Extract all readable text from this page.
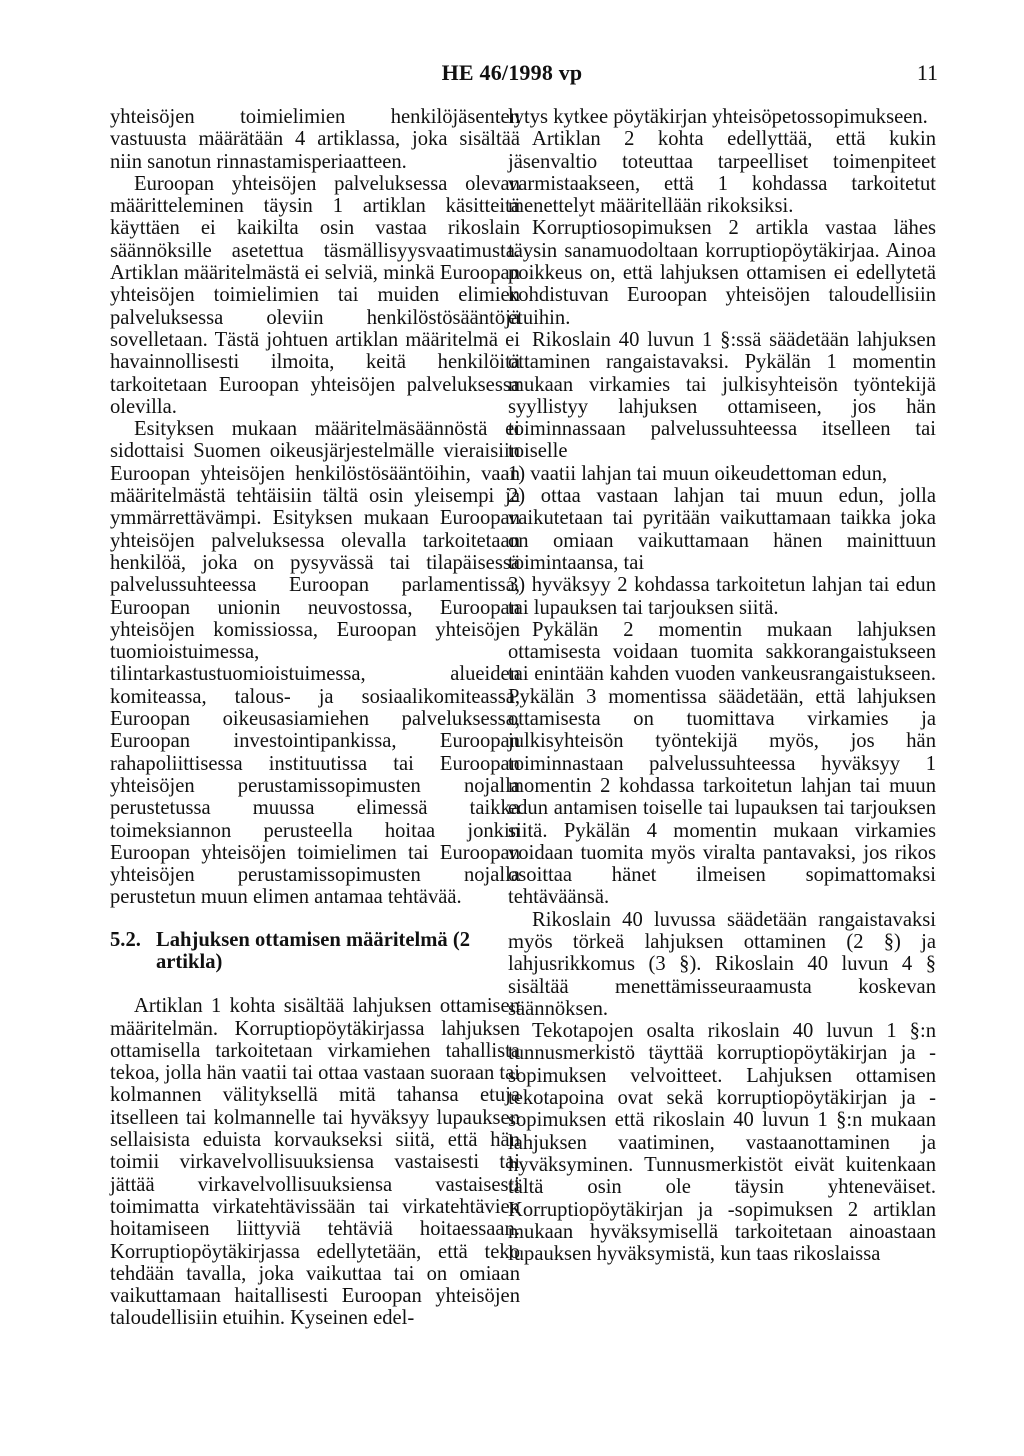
HE 46/1998 vp	11

yhteisöjen toimielimien henkilöjäsenten vastuusta määrätään 4 artiklassa, joka sisältää niin sanotun rinnastamisperiaatteen.

Euroopan yhteisöjen palveluksessa olevan määritteleminen täysin 1 artiklan käsitteitä käyttäen ei kaikilta osin vastaa rikoslain säännöksille asetettua täsmällisyysvaatimusta. Artiklan määritelmästä ei selviä, minkä Euroopan yhteisöjen toimielimien tai muiden elimien palveluksessa oleviin henkilöstösääntöjä sovelletaan. Tästä johtuen artiklan määritelmä ei havainnollisesti ilmoita, keitä henkilöitä tarkoitetaan Euroopan yhteisöjen palveluksessa olevilla.

Esityksen mukaan määritelmäsäännöstä ei sidottaisi Suomen oikeusjärjestelmälle vieraisiin Euroopan yhteisöjen henkilöstösääntöihin, vaan määritelmästä tehtäisiin tältä osin yleisempi ja ymmärrettävämpi. Esityksen mukaan Euroopan yhteisöjen palveluksessa olevalla tarkoitetaan henkilöä, joka on pysyvässä tai tilapäisessä palvelussuhteessa Euroopan parlamentissa, Euroopan unionin neuvostossa, Euroopan yhteisöjen komissiossa, Euroopan yhteisöjen tuomioistuimessa, tilintarkastustuomioistuimessa, alueiden komiteassa, talous- ja sosiaalikomiteassa, Euroopan oikeusasiamiehen palveluksessa, Euroopan investointipankissa, Euroopan rahapoliittisessa instituutissa tai Euroopan yhteisöjen perustamissopimusten nojalla perustetussa muussa elimessä taikka toimeksiannon perusteella hoitaa jonkin Euroopan yhteisöjen toimielimen tai Euroopan yhteisöjen perustamissopimusten nojalla perustetun muun elimen antamaa tehtävää.

5.2. Lahjuksen ottamisen määritelmä (2 artikla)

Artiklan 1 kohta sisältää lahjuksen ottamisen määritelmän. Korruptiopöytäkirjassa lahjuksen ottamisella tarkoitetaan virkamiehen tahallista tekoa, jolla hän vaatii tai ottaa vastaan suoraan tai kolmannen välityksellä mitä tahansa etuja itselleen tai kolmannelle tai hyväksyy lupauksen sellaisista eduista korvaukseksi siitä, että hän toimii virkavelvollisuuksiensa vastaisesti tai jättää virkavelvollisuuksiensa vastaisesti toimimatta virkatehtävissään tai virkatehtävien hoitamiseen liittyviä tehtäviä hoitaessaan. Korruptiopöytäkirjassa edellytetään, että teko tehdään tavalla, joka vaikuttaa tai on omiaan vaikuttamaan haitallisesti Euroopan yhteisöjen taloudellisiin etuihin. Kyseinen edel-

lytys kytkee pöytäkirjan yhteisöpetossopimukseen.

Artiklan 2 kohta edellyttää, että kukin jäsenvaltio toteuttaa tarpeelliset toimenpiteet varmistaakseen, että 1 kohdassa tarkoitetut menettelyt määritellään rikoksiksi.

Korruptiosopimuksen 2 artikla vastaa lähes täysin sanamuodoltaan korruptiopöytäkirjaa. Ainoa poikkeus on, että lahjuksen ottamisen ei edellytetä kohdistuvan Euroopan yhteisöjen taloudellisiin etuihin.

Rikoslain 40 luvun 1 §:ssä säädetään lahjuksen ottaminen rangaistavaksi. Pykälän 1 momentin mukaan virkamies tai julkisyhteisön työntekijä syyllistyy lahjuksen ottamiseen, jos hän toiminnassaan palvelussuhteessa itselleen tai toiselle

1) vaatii lahjan tai muun oikeudettoman edun,

2) ottaa vastaan lahjan tai muun edun, jolla vaikutetaan tai pyritään vaikuttamaan taikka joka on omiaan vaikuttamaan hänen mainittuun toimintaansa, tai

3) hyväksyy 2 kohdassa tarkoitetun lahjan tai edun tai lupauksen tai tarjouksen siitä.

Pykälän 2 momentin mukaan lahjuksen ottamisesta voidaan tuomita sakkorangaistukseen tai enintään kahden vuoden vankeusrangaistukseen. Pykälän 3 momentissa säädetään, että lahjuksen ottamisesta on tuomittava virkamies ja julkisyhteisön työntekijä myös, jos hän toiminnastaan palvelussuhteessa hyväksyy 1 momentin 2 kohdassa tarkoitetun lahjan tai muun edun antamisen toiselle tai lupauksen tai tarjouksen siitä. Pykälän 4 momentin mukaan virkamies voidaan tuomita myös viralta pantavaksi, jos rikos osoittaa hänet ilmeisen sopimattomaksi tehtäväänsä.

Rikoslain 40 luvussa säädetään rangaistavaksi myös törkeä lahjuksen ottaminen (2 §) ja lahjusrikkomus (3 §). Rikoslain 40 luvun 4 § sisältää menettämisseuraamusta koskevan säännöksen.

Tekotapojen osalta rikoslain 40 luvun 1 §:n tunnusmerkistö täyttää korruptiopöytäkirjan ja -sopimuksen velvoitteet. Lahjuksen ottamisen tekotapoina ovat sekä korruptiopöytäkirjan ja -sopimuksen että rikoslain 40 luvun 1 §:n mukaan lahjuksen vaatiminen, vastaanottaminen ja hyväksyminen. Tunnusmerkistöt eivät kuitenkaan tältä osin ole täysin yhteneväiset. Korruptiopöytäkirjan ja -sopimuksen 2 artiklan mukaan hyväksymisellä tarkoitetaan ainoastaan lupauksen hyväksymistä, kun taas rikoslaissa
